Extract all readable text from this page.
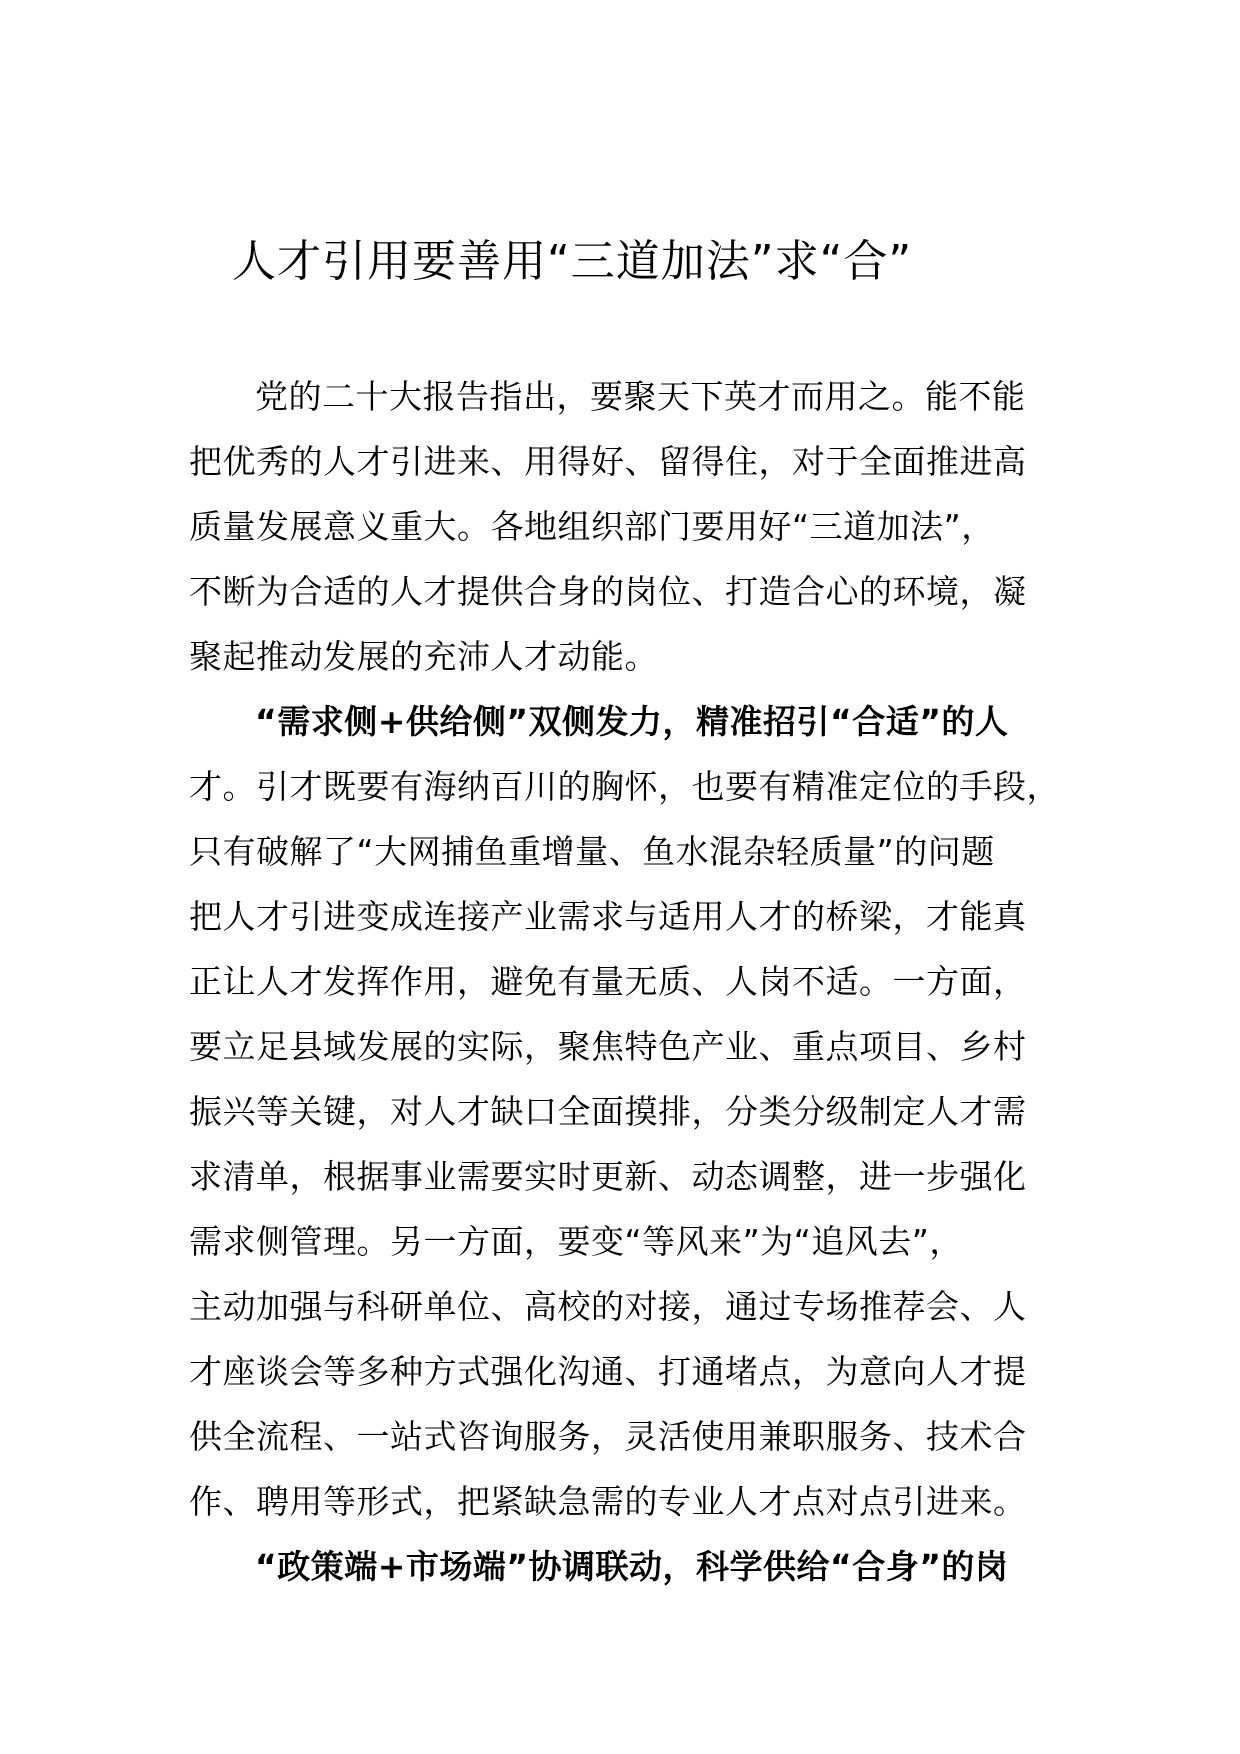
人才引用要善用“三道加法”求“合”
党的二十大报告指出，要聚天下英才而用之。能不能
把优秀的人才引进来、用得好、留得住，对于全面推进高
质量发展意义重大。各地组织部门要用好“三道加法”，
不断为合适的人才提供合身的岗位、打造合心的环境，凝
聚起推动发展的充沛人才动能。
“需求侧+供给侧”双侧发力，精准招引“合适”的人
才。引才既要有海纳百川的胸怀，也要有精准定位的手段，
只有破解了“大网捕鱼重增量、鱼水混杂轻质量”的问题
把人才引进变成连接产业需求与适用人才的桥梁，才能真
正让人才发挥作用，避免有量无质、人岗不适。一方面，
要立足县域发展的实际，聚焦特色产业、重点项目、乡村
振兴等关键，对人才缺口全面摸排，分类分级制定人才需
求清单，根据事业需要实时更新、动态调整，进一步强化
需求侧管理。另一方面，要变“等风来”为“追风去”，
主动加强与科研单位、高校的对接，通过专场推荐会、人
才座谈会等多种方式强化沟通、打通堵点，为意向人才提
供全流程、一站式咨询服务，灵活使用兼职服务、技术合
作、聘用等形式，把紧缺急需的专业人才点对点引进来。
“政策端+市场端”协调联动，科学供给“合身”的岗
